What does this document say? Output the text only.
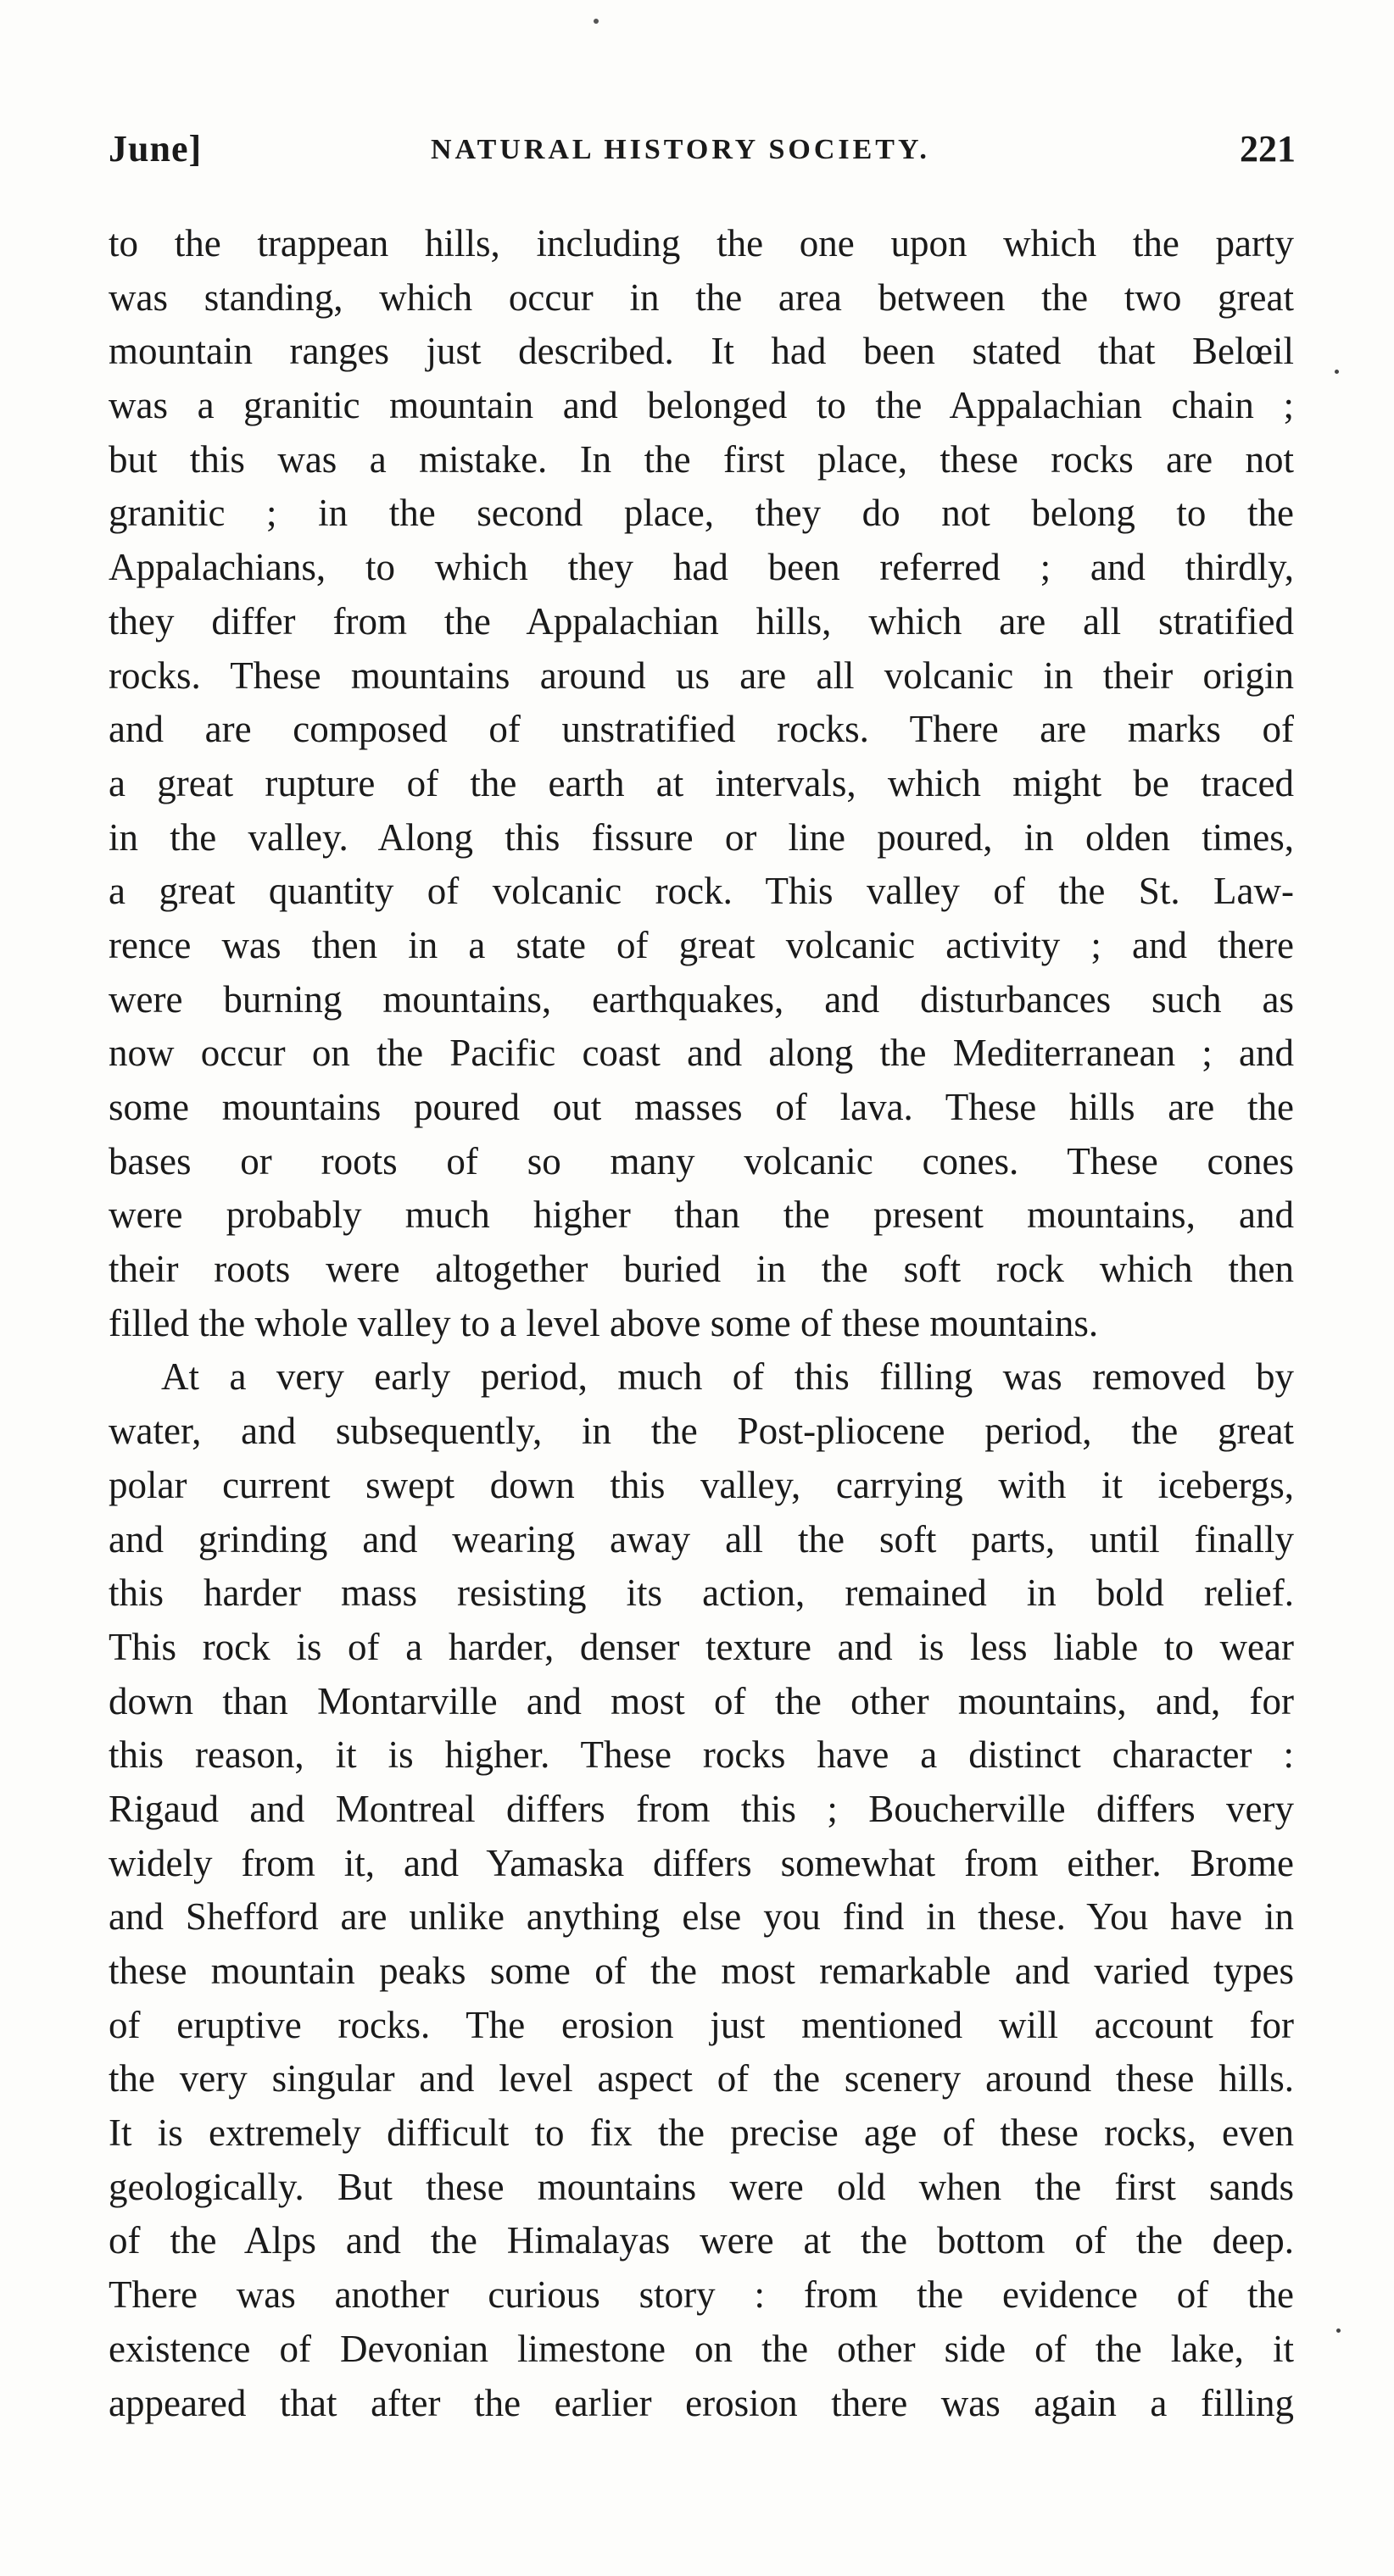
June]	NATURAL HISTORY SOCIETY.	221
to the trappean hills, including the one upon which the party
was standing, which occur in the area between the two great
mountain ranges just described. It had been stated that Belœil
was a granitic mountain and belonged to the Appalachian chain ;
but this was a mistake. In the first place, these rocks are not
granitic ; in the second place, they do not belong to the
Appalachians, to which they had been referred ; and thirdly,
they differ from the Appalachian hills, which are all stratified
rocks. These mountains around us are all volcanic in their origin
and are composed of unstratified rocks. There are marks of
a great rupture of the earth at intervals, which might be traced
in the valley. Along this fissure or line poured, in olden times,
a great quantity of volcanic rock. This valley of the St. Law-
rence was then in a state of great volcanic activity ; and there
were burning mountains, earthquakes, and disturbances such as
now occur on the Pacific coast and along the Mediterranean ; and
some mountains poured out masses of lava. These hills are the
bases or roots of so many volcanic cones. These cones
were probably much higher than the present mountains, and
their roots were altogether buried in the soft rock which then
filled the whole valley to a level above some of these mountains.
At a very early period, much of this filling was removed by
water, and subsequently, in the Post-pliocene period, the great
polar current swept down this valley, carrying with it icebergs,
and grinding and wearing away all the soft parts, until finally
this harder mass resisting its action, remained in bold relief.
This rock is of a harder, denser texture and is less liable to wear
down than Montarville and most of the other mountains, and, for
this reason, it is higher. These rocks have a distinct character :
Rigaud and Montreal differs from this ; Boucherville differs very
widely from it, and Yamaska differs somewhat from either. Brome
and Shefford are unlike anything else you find in these. You have in
these mountain peaks some of the most remarkable and varied types
of eruptive rocks. The erosion just mentioned will account for
the very singular and level aspect of the scenery around these hills.
It is extremely difficult to fix the precise age of these rocks, even
geologically. But these mountains were old when the first sands
of the Alps and the Himalayas were at the bottom of the deep.
There was another curious story : from the evidence of the
existence of Devonian limestone on the other side of the lake, it
appeared that after the earlier erosion there was again a filling
